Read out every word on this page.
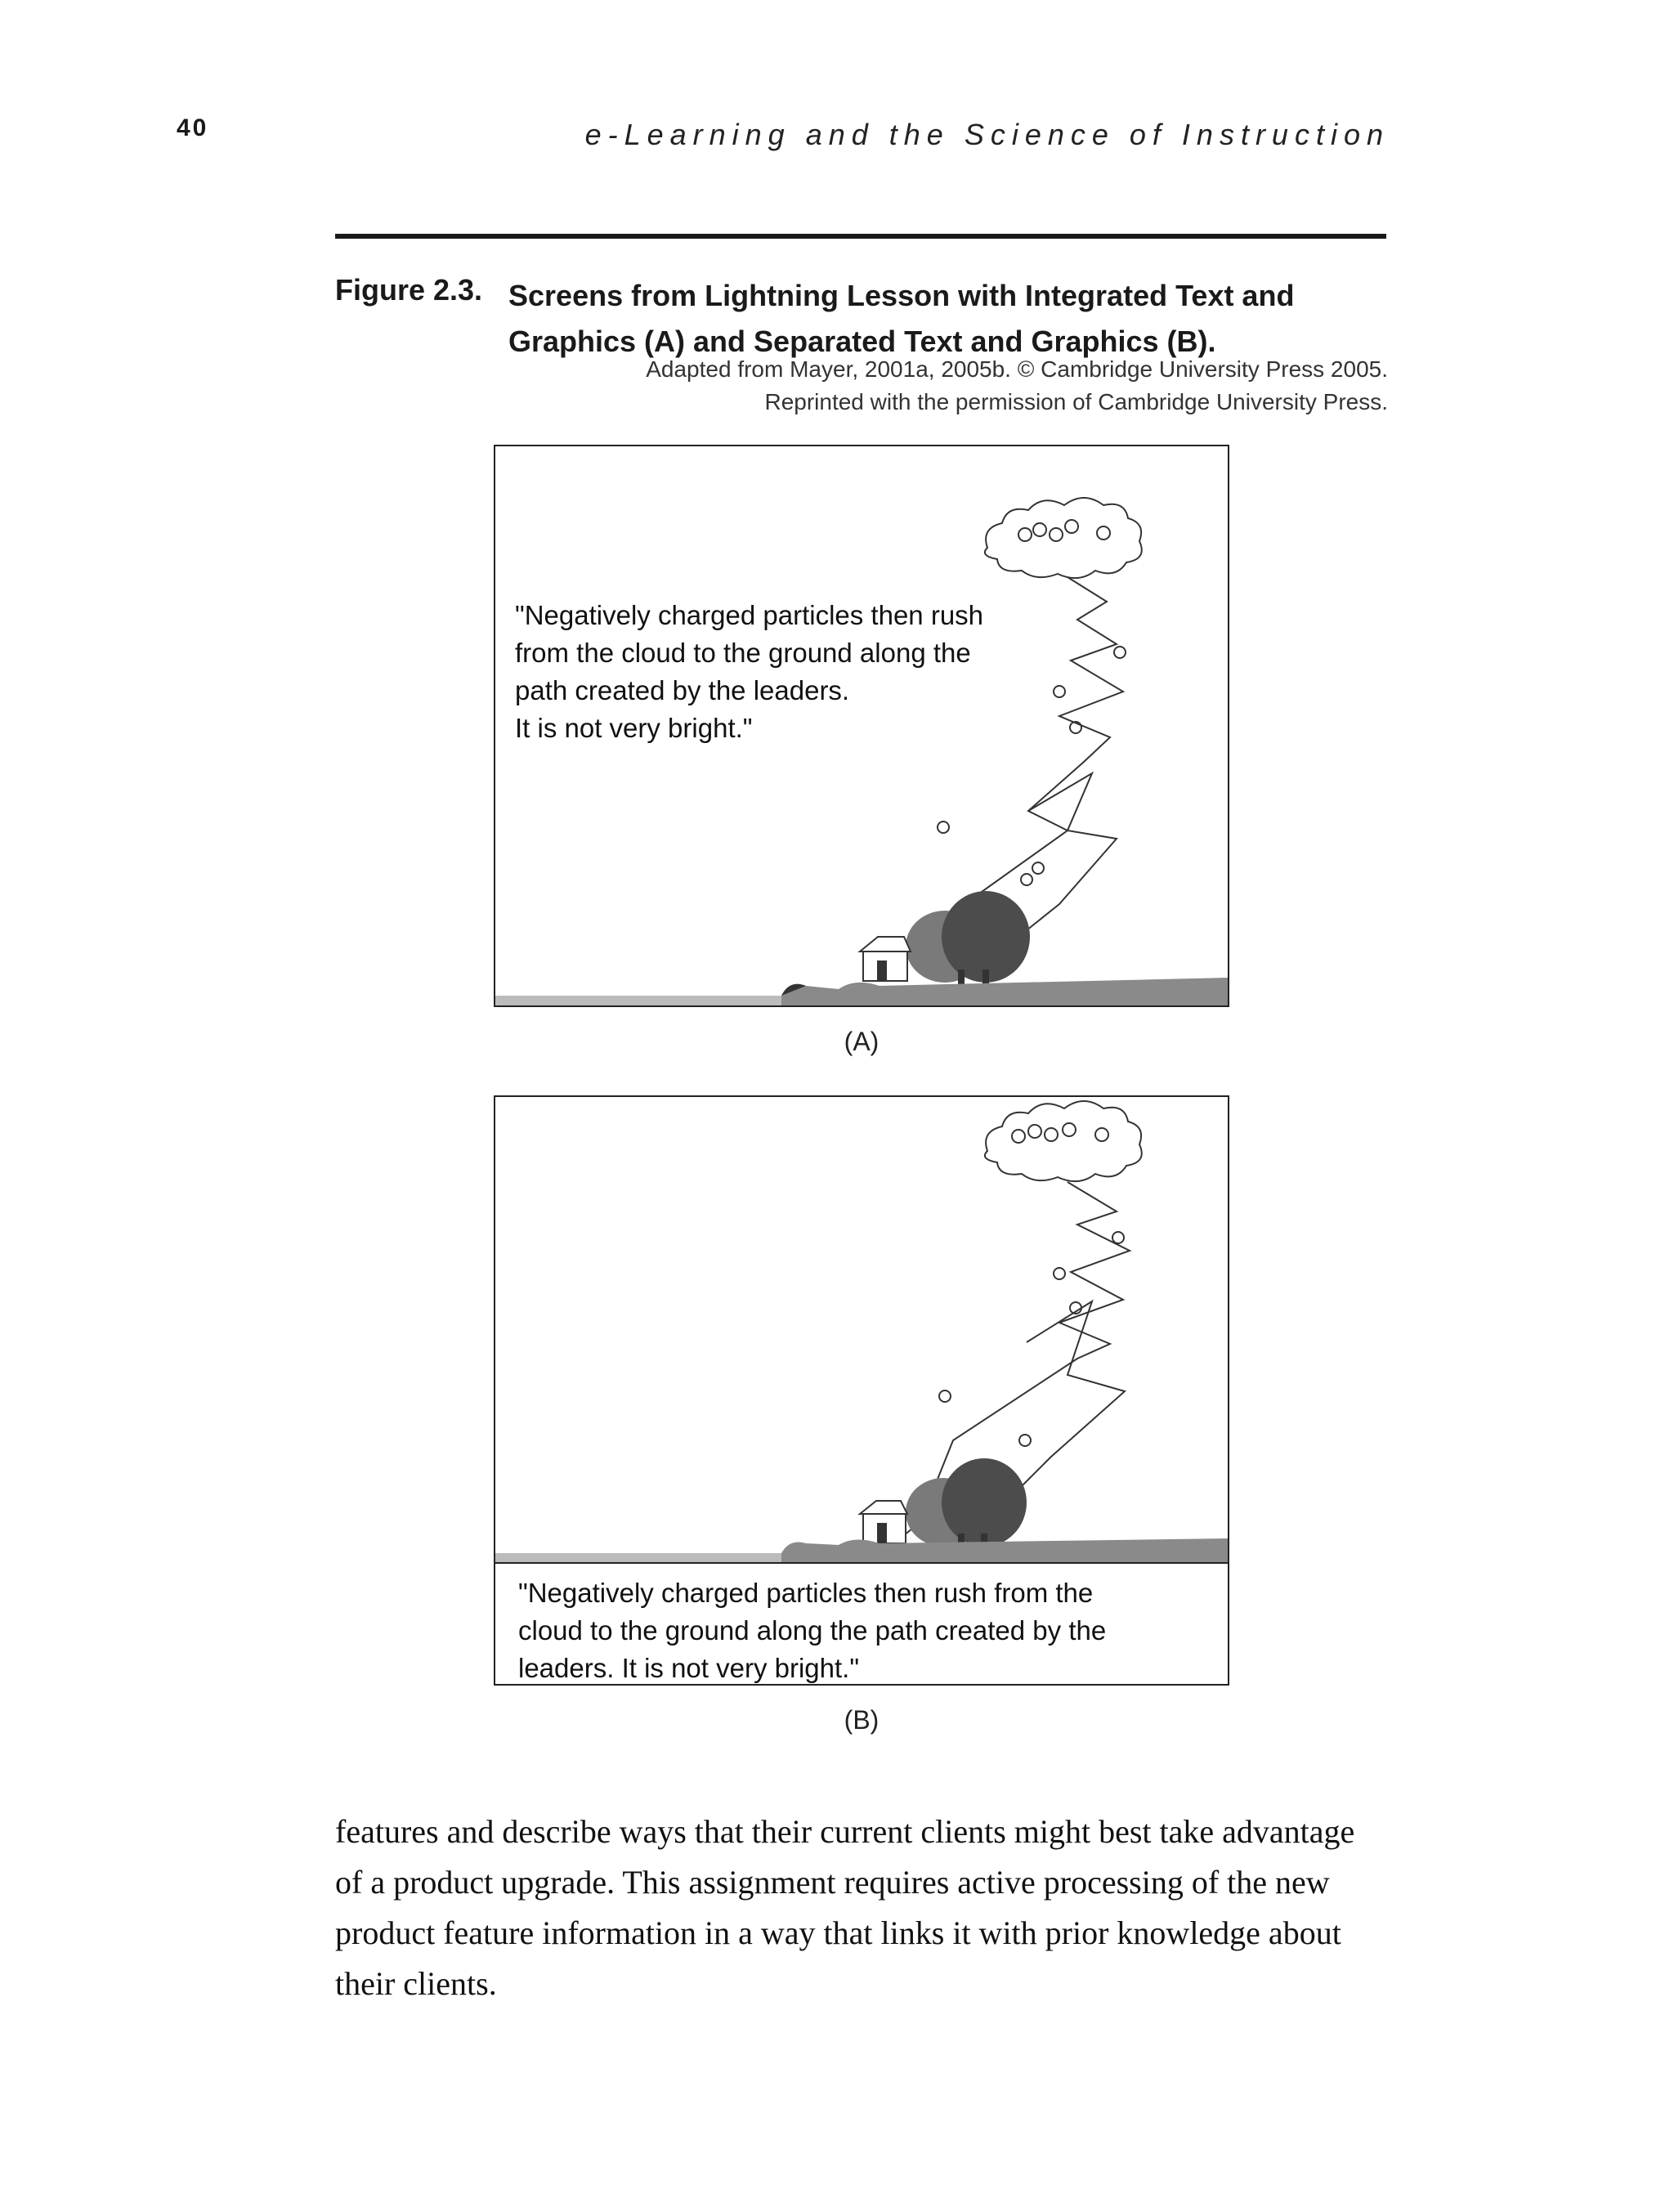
40	e-Learning and the Science of Instruction
Figure 2.3. Screens from Lightning Lesson with Integrated Text and Graphics (A) and Separated Text and Graphics (B).
Adapted from Mayer, 2001a, 2005b. © Cambridge University Press 2005.
Reprinted with the permission of Cambridge University Press.
"Negatively charged particles then rush
from the cloud to the ground along the
path created by the leaders.
It is not very bright."
(A)
"Negatively charged particles then rush from the
cloud to the ground along the path created by the
leaders. It is not very bright."
(B)

features and describe ways that their current clients might best take advantage of a product upgrade. This assignment requires active processing of the new product feature information in a way that links it with prior knowledge about their clients.
